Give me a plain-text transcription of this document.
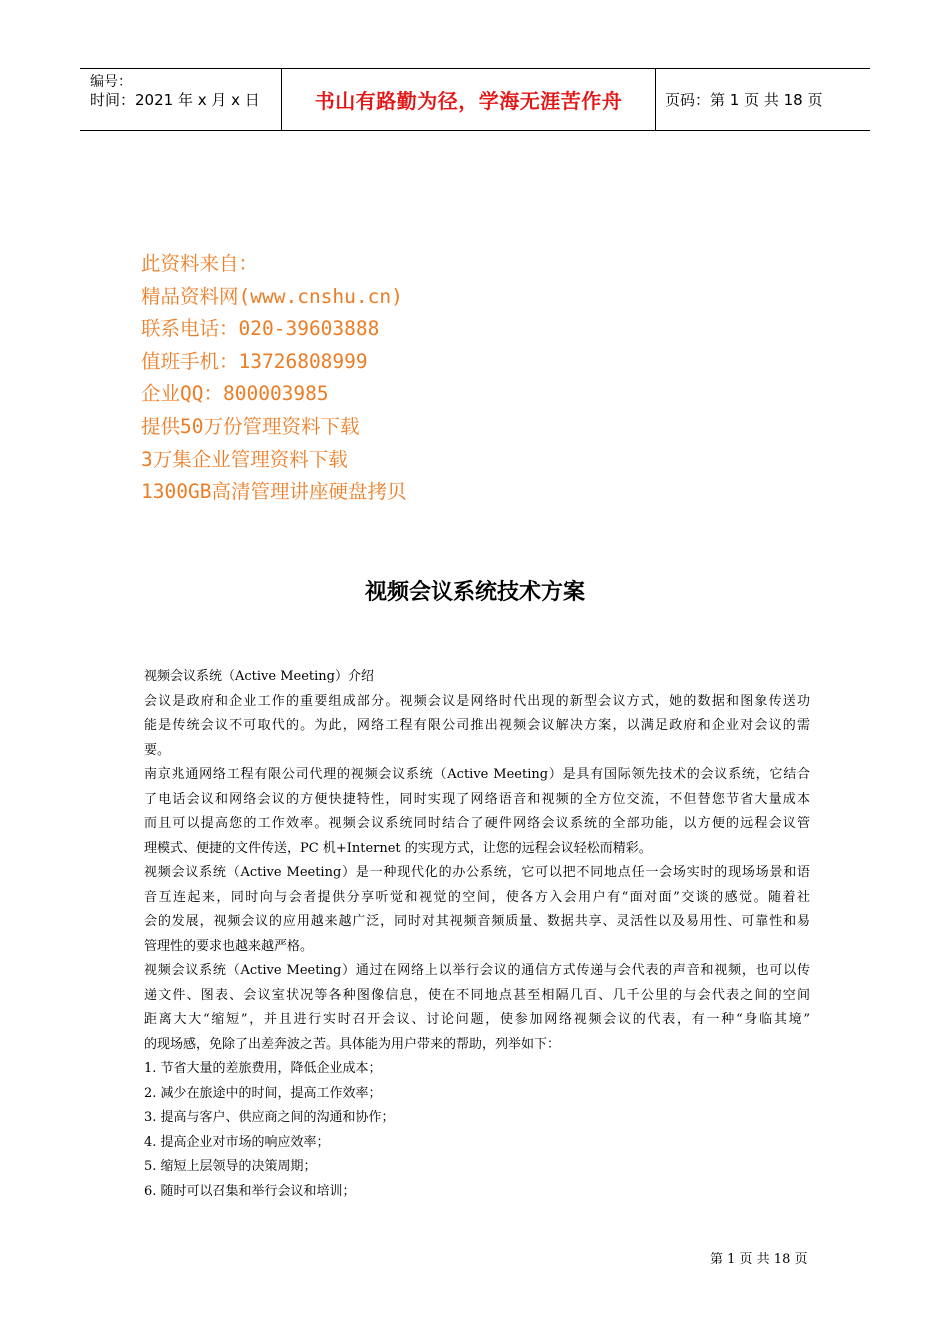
编号：
时间：2021 年 x 月 x 日	书山有路勤为径，学海无涯苦作舟	页码：第 1 页 共 18 页
此资料来自：
精品资料网(www.cnshu.cn)
联系电话：020-39603888
值班手机：13726808999
企业QQ：800003985
提供50万份管理资料下载
3万集企业管理资料下载
1300GB高清管理讲座硬盘拷贝
视频会议系统技术方案

视频会议系统（Active Meeting）介绍

会议是政府和企业工作的重要组成部分。视频会议是网络时代出现的新型会议方式，她的数据和图象传送功

能是传统会议不可取代的。为此，网络工程有限公司推出视频会议解决方案，以满足政府和企业对会议的需

要。

南京兆通网络工程有限公司代理的视频会议系统（Active Meeting）是具有国际领先技术的会议系统，它结合

了电话会议和网络会议的方便快捷特性，同时实现了网络语音和视频的全方位交流，不但替您节省大量成本

而且可以提高您的工作效率。视频会议系统同时结合了硬件网络会议系统的全部功能，以方便的远程会议管

理模式、便捷的文件传送，PC 机+Internet 的实现方式，让您的远程会议轻松而精彩。

视频会议系统（Active Meeting）是一种现代化的办公系统，它可以把不同地点任一会场实时的现场场景和语

音互连起来，同时向与会者提供分享听觉和视觉的空间，使各方入会用户有“面对面”交谈的感觉。随着社

会的发展，视频会议的应用越来越广泛，同时对其视频音频质量、数据共享、灵活性以及易用性、可靠性和易

管理性的要求也越来越严格。

视频会议系统（Active Meeting）通过在网络上以举行会议的通信方式传递与会代表的声音和视频，也可以传

递文件、图表、会议室状况等各种图像信息，使在不同地点甚至相隔几百、几千公里的与会代表之间的空间

距离大大“缩短”，并且进行实时召开会议、讨论问题，使参加网络视频会议的代表，有一种“身临其境”

的现场感，免除了出差奔波之苦。具体能为用户带来的帮助，列举如下：

1. 节省大量的差旅费用，降低企业成本；

2. 减少在旅途中的时间，提高工作效率；

3. 提高与客户、供应商之间的沟通和协作；

4. 提高企业对市场的响应效率；

5. 缩短上层领导的决策周期；

6. 随时可以召集和举行会议和培训；

第 1 页 共 18 页
